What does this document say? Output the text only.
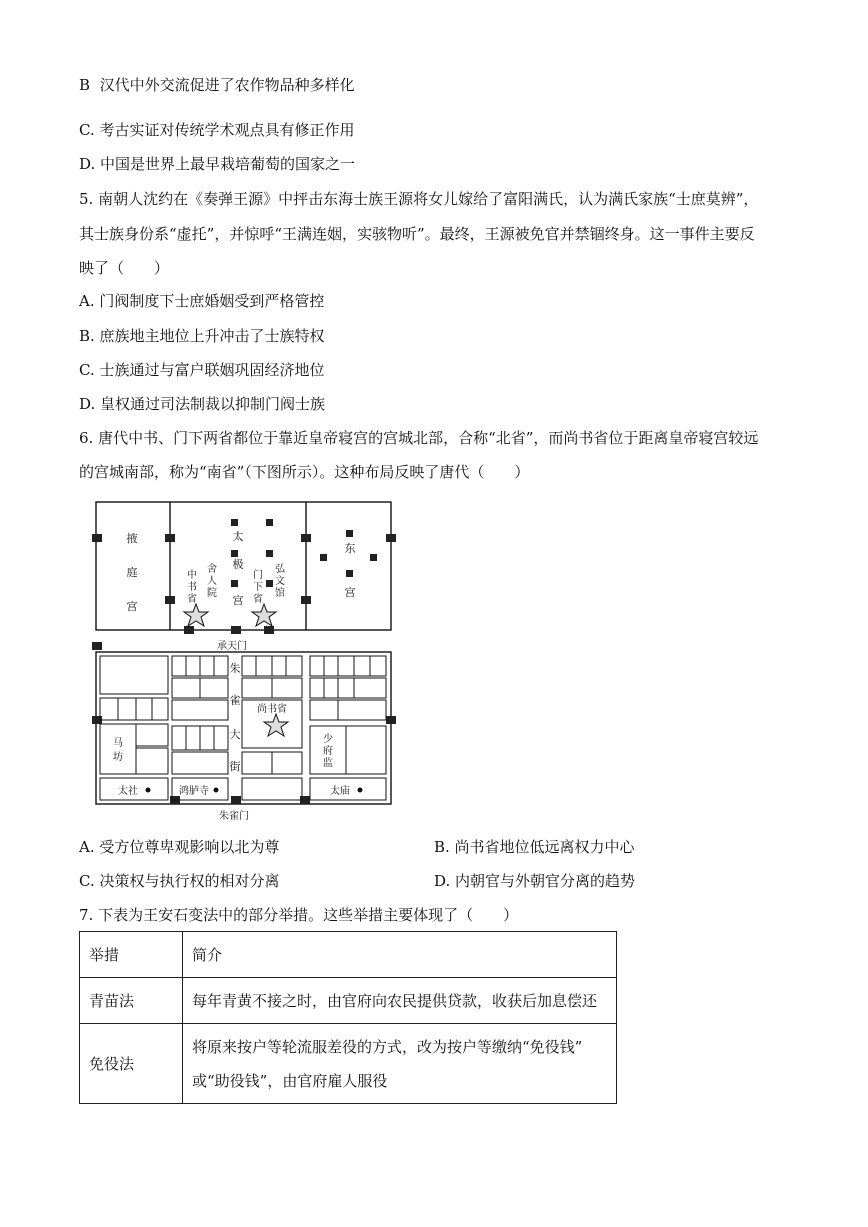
B 汉代中外交流促进了农作物品种多样化
C. 考古实证对传统学术观点具有修正作用
D. 中国是世界上最早栽培葡萄的国家之一
5. 南朝人沈约在《奏弹王源》中抨击东海士族王源将女儿嫁给了富阳满氏，认为满氏家族“士庶莫辨”，
其士族身份系“虚托”，并惊呼“王满连姻，实骇物听”。最终，王源被免官并禁锢终身。这一事件主要反
映了（　　）
A. 门阀制度下士庶婚姻受到严格管控
B. 庶族地主地位上升冲击了士族特权
C. 士族通过与富户联姻巩固经济地位
D. 皇权通过司法制裁以抑制门阀士族
6. 唐代中书、门下两省都位于靠近皇帝寝宫的宫城北部，合称“北省”，而尚书省位于距离皇帝寝宫较远
的宫城南部，称为“南省”（下图所示）。这种布局反映了唐代（　　）
掖
庭
宫
太
极
宫
东
宫
中
书
省
舍
人
院
门
下
省
弘
文
馆
承天门
朱
雀
大
街
尚书省
马
坊
少
府
监
太社	鸿胪寺	太庙
朱雀门
A. 受方位尊卑观影响以北为尊	B. 尚书省地位低远离权力中心
C. 决策权与执行权的相对分离	D. 内朝官与外朝官分离的趋势
7. 下表为王安石变法中的部分举措。这些举措主要体现了（　　）
举措	简介
青苗法	每年青黄不接之时，由官府向农民提供贷款，收获后加息偿还
免役法	将原来按户等轮流服差役的方式，改为按户等缴纳“免役钱”
或“助役钱”，由官府雇人服役
